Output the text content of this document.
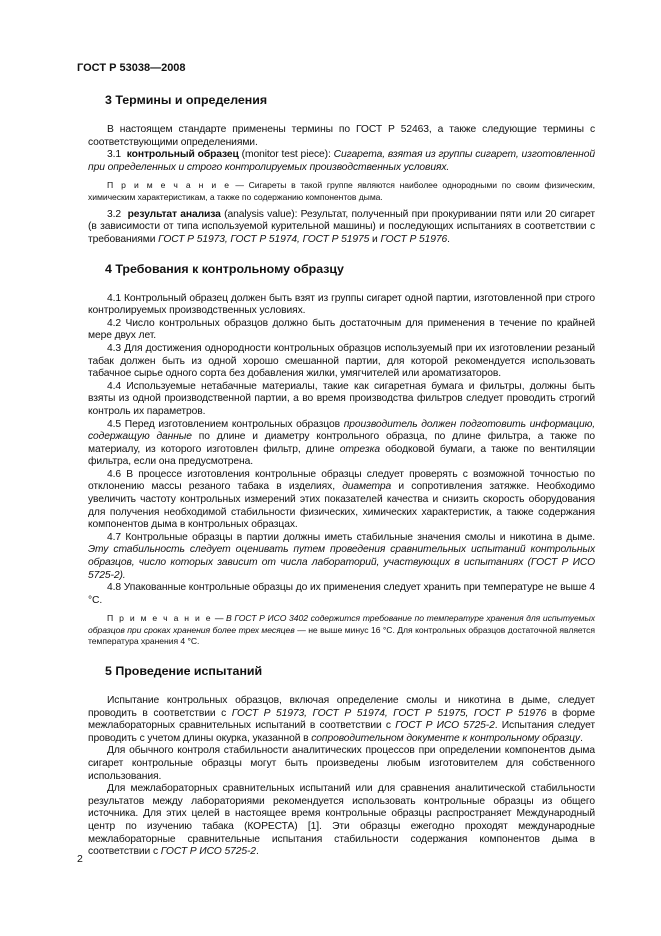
ГОСТ Р 53038—2008
3 Термины и определения

В настоящем стандарте применены термины по ГОСТ Р 52463, а также следующие термины с соответствующими определениями.

3.1 контрольный образец (monitor test piece): Сигарета, взятая из группы сигарет, изготовленной при определенных и строго контролируемых производственных условиях.

П р и м е ч а н и е — Сигареты в такой группе являются наиболее однородными по своим физическим, химическим характеристикам, а также по содержанию компонентов дыма.

3.2 результат анализа (analysis value): Результат, полученный при прокуривании пяти или 20 сигарет (в зависимости от типа используемой курительной машины) и последующих испытаниях в соответствии с требованиями ГОСТ Р 51973, ГОСТ Р 51974, ГОСТ Р 51975 и ГОСТ Р 51976.

4 Требования к контрольному образцу

4.1 Контрольный образец должен быть взят из группы сигарет одной партии, изготовленной при строго контролируемых производственных условиях.

4.2 Число контрольных образцов должно быть достаточным для применения в течение по крайней мере двух лет.

4.3 Для достижения однородности контрольных образцов используемый при их изготовлении резаный табак должен быть из одной хорошо смешанной партии, для которой рекомендуется использовать табачное сырье одного сорта без добавления жилки, умягчителей или ароматизаторов.

4.4 Используемые нетабачные материалы, такие как сигаретная бумага и фильтры, должны быть взяты из одной производственной партии, а во время производства фильтров следует проводить строгий контроль их параметров.

4.5 Перед изготовлением контрольных образцов производитель должен подготовить информацию, содержащую данные по длине и диаметру контрольного образца, по длине фильтра, а также по материалу, из которого изготовлен фильтр, длине отрезка ободковой бумаги, а также по вентиляции фильтра, если она предусмотрена.

4.6 В процессе изготовления контрольные образцы следует проверять с возможной точностью по отклонению массы резаного табака в изделиях, диаметра и сопротивления затяжке. Необходимо увеличить частоту контрольных измерений этих показателей качества и снизить скорость оборудования для получения необходимой стабильности физических, химических характеристик, а также содержания компонентов дыма в контрольных образцах.

4.7 Контрольные образцы в партии должны иметь стабильные значения смолы и никотина в дыме. Эту стабильность следует оценивать путем проведения сравнительных испытаний контрольных образцов, число которых зависит от числа лабораторий, участвующих в испытаниях (ГОСТ Р ИСО 5725-2).

4.8 Упакованные контрольные образцы до их применения следует хранить при температуре не выше 4 °С.

П р и м е ч а н и е — В ГОСТ Р ИСО 3402 содержится требование по температуре хранения для испытуемых образцов при сроках хранения более трех месяцев — не выше минус 16 °С. Для контрольных образцов достаточной является температура хранения 4 °С.

5 Проведение испытаний

Испытание контрольных образцов, включая определение смолы и никотина в дыме, следует проводить в соответствии с ГОСТ Р 51973, ГОСТ Р 51974, ГОСТ Р 51975, ГОСТ Р 51976 в форме межлабораторных сравнительных испытаний в соответствии с ГОСТ Р ИСО 5725-2. Испытания следует проводить с учетом длины окурка, указанной в сопроводительном документе к контрольному образцу.

Для обычного контроля стабильности аналитических процессов при определении компонентов дыма сигарет контрольные образцы могут быть произведены любым изготовителем для собственного использования.

Для межлабораторных сравнительных испытаний или для сравнения аналитической стабильности результатов между лабораториями рекомендуется использовать контрольные образцы из общего источника. Для этих целей в настоящее время контрольные образцы распространяет Международный центр по изучению табака (КОРЕСТА) [1]. Эти образцы ежегодно проходят международные межлабораторные сравнительные испытания стабильности содержания компонентов дыма в соответствии с ГОСТ Р ИСО 5725-2.

2
